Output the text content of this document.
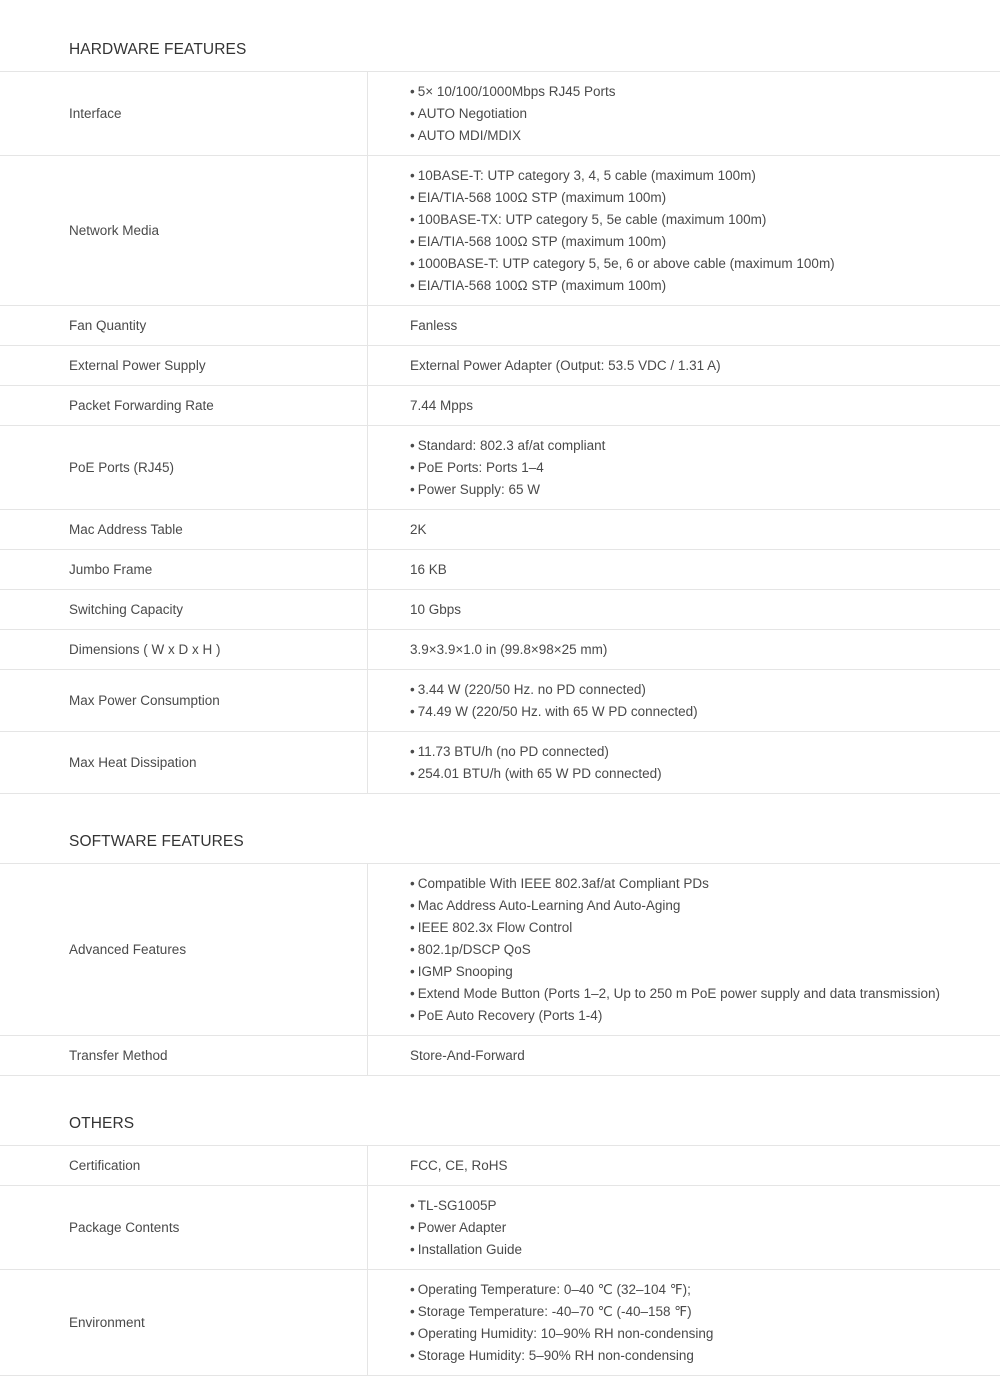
HARDWARE FEATURES
Interface
• 5× 10/100/1000Mbps RJ45 Ports
• AUTO Negotiation
• AUTO MDI/MDIX
Network Media
• 10BASE-T: UTP category 3, 4, 5 cable (maximum 100m)
• EIA/TIA-568 100Ω STP (maximum 100m)
• 100BASE-TX: UTP category 5, 5e cable (maximum 100m)
• EIA/TIA-568 100Ω STP (maximum 100m)
• 1000BASE-T: UTP category 5, 5e, 6 or above cable (maximum 100m)
• EIA/TIA-568 100Ω STP (maximum 100m)
Fan Quantity	Fanless
External Power Supply	External Power Adapter (Output: 53.5 VDC / 1.31 A)
Packet Forwarding Rate	7.44 Mpps
PoE Ports (RJ45)
• Standard: 802.3 af/at compliant
• PoE Ports: Ports 1–4
• Power Supply: 65 W
Mac Address Table	2K
Jumbo Frame	16 KB
Switching Capacity	10 Gbps
Dimensions ( W x D x H )	3.9×3.9×1.0 in (99.8×98×25 mm)
Max Power Consumption
• 3.44 W (220/50 Hz. no PD connected)
• 74.49 W (220/50 Hz. with 65 W PD connected)
Max Heat Dissipation
• 11.73 BTU/h (no PD connected)
• 254.01 BTU/h (with 65 W PD connected)
SOFTWARE FEATURES
Advanced Features
• Compatible With IEEE 802.3af/at Compliant PDs
• Mac Address Auto-Learning And Auto-Aging
• IEEE 802.3x Flow Control
• 802.1p/DSCP QoS
• IGMP Snooping
• Extend Mode Button (Ports 1–2, Up to 250 m PoE power supply and data transmission)
• PoE Auto Recovery (Ports 1-4)
Transfer Method	Store-And-Forward
OTHERS
Certification	FCC, CE, RoHS
Package Contents
• TL-SG1005P
• Power Adapter
• Installation Guide
Environment
• Operating Temperature: 0–40 ℃ (32–104 ℉);
• Storage Temperature: -40–70 ℃ (-40–158 ℉)
• Operating Humidity: 10–90% RH non-condensing
• Storage Humidity: 5–90% RH non-condensing
